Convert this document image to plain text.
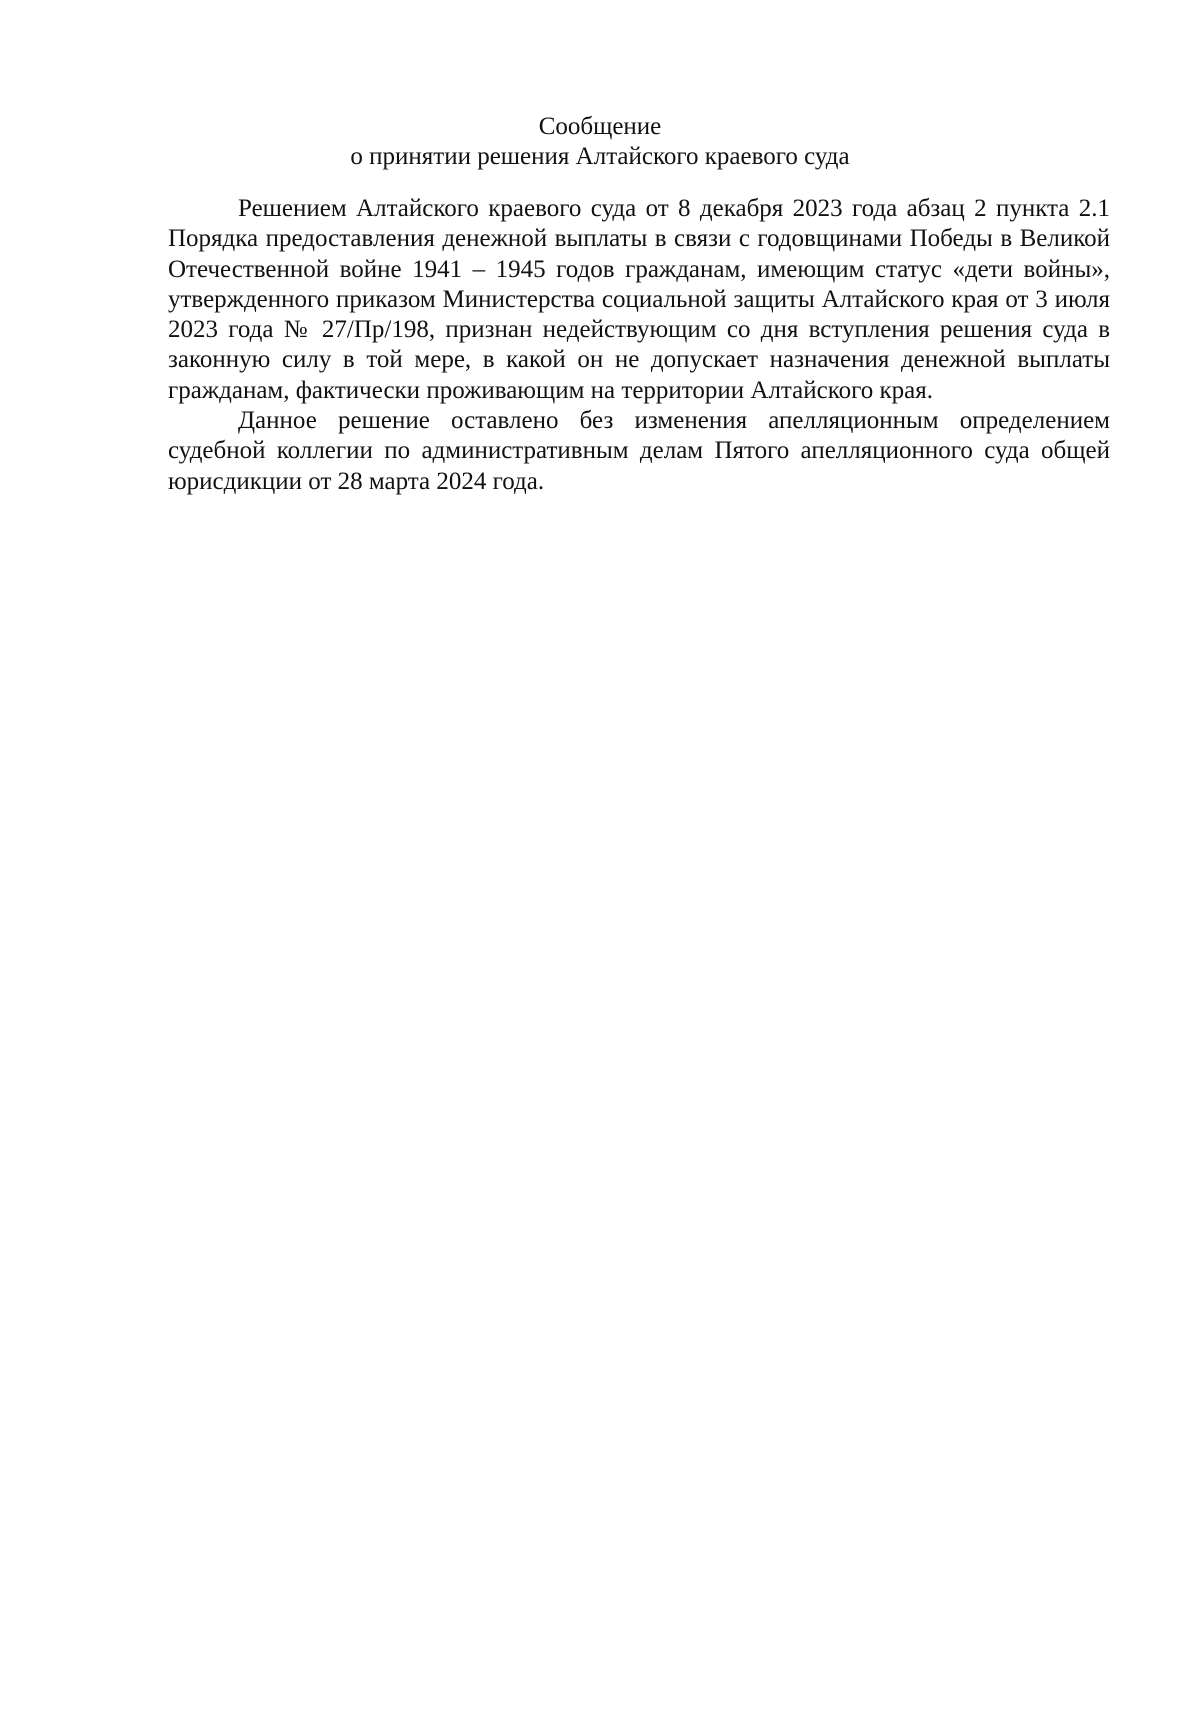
Сообщение
о принятии решения Алтайского краевого суда

Решением Алтайского краевого суда от 8 декабря 2023 года абзац 2 пункта 2.1 Порядка предоставления денежной выплаты в связи с годовщинами Победы в Великой Отечественной войне 1941 – 1945 годов гражданам, имеющим статус «дети войны», утвержденного приказом Министерства социальной защиты Алтайского края от 3 июля 2023 года № 27/Пр/198, признан недействующим со дня вступления решения суда в законную силу в той мере, в какой он не допускает назначения денежной выплаты гражданам, фактически проживающим на территории Алтайского края.

Данное решение оставлено без изменения апелляционным определением судебной коллегии по административным делам Пятого апелляционного суда общей юрисдикции от 28 марта 2024 года.
